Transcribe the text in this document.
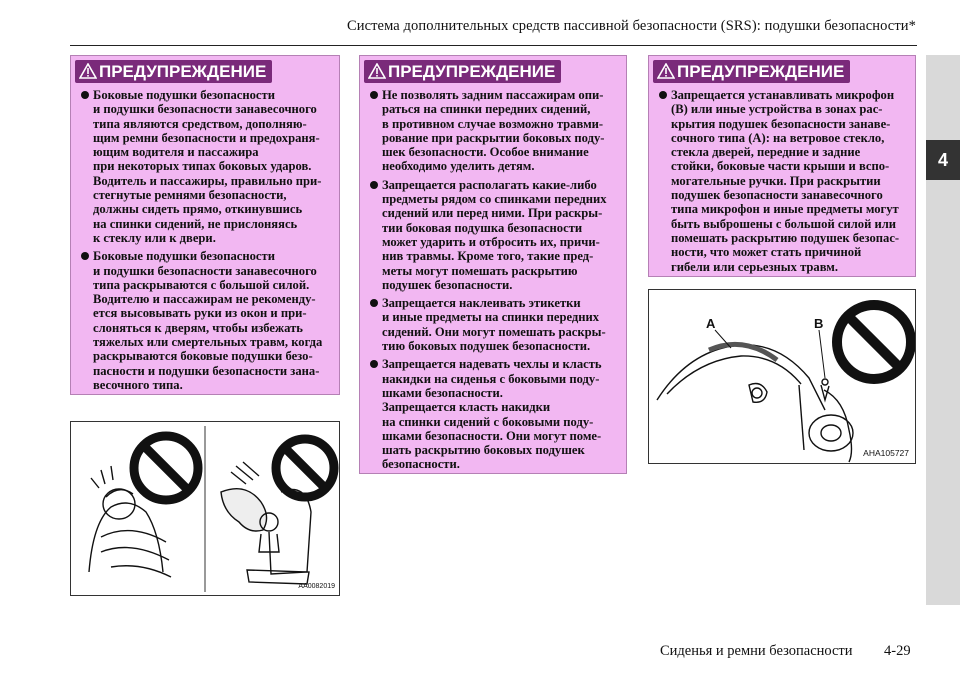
Система дополнительных средств пассивной безопасности (SRS): подушки безопасности*
4
ПРЕДУПРЕЖДЕНИЕ

Боковые подушки безопасности
и подушки безопасности занавесочного
типа являются средством, дополняю-
щим ремни безопасности и предохраня-
ющим водителя и пассажира
при некоторых типах боковых ударов.
Водитель и пассажиры, правильно при-
стегнутые ремнями безопасности,
должны сидеть прямо, откинувшись
на спинки сидений, не прислоняясь
к стеклу или к двери.

Боковые подушки безопасности
и подушки безопасности занавесочного
типа раскрываются с большой силой.
Водителю и пассажирам не рекоменду-
ется высовывать руки из окон и при-
слоняться к дверям, чтобы избежать
тяжелых или смертельных травм, когда
раскрываются боковые подушки безо-
пасности и подушки безопасности зана-
весочного типа.

ПРЕДУПРЕЖДЕНИЕ

Не позволять задним пассажирам опи-
раться на спинки передних сидений,
в противном случае возможно травми-
рование при раскрытии боковых поду-
шек безопасности. Особое внимание
необходимо уделить детям.

Запрещается располагать какие-либо
предметы рядом со спинками передних
сидений или перед ними. При раскры-
тии боковая подушка безопасности
может ударить и отбросить их, причи-
нив травмы. Кроме того, такие пред-
меты могут помешать раскрытию
подушек безопасности.

Запрещается наклеивать этикетки
и иные предметы на спинки передних
сидений. Они могут помешать раскры-
тию боковых подушек безопасности.

Запрещается надевать чехлы и класть
накидки на сиденья с боковыми поду-
шками безопасности.
Запрещается класть накидки
на спинки сидений с боковыми поду-
шками безопасности. Они могут поме-
шать раскрытию боковых подушек
безопасности.

ПРЕДУПРЕЖДЕНИЕ

Запрещается устанавливать микрофон
(B) или иные устройства в зонах рас-
крытия подушек безопасности занаве-
сочного типа (A): на ветровое стекло,
стекла дверей, передние и задние
стойки, боковые части крыши и вспо-
могательные ручки. При раскрытии
подушек безопасности занавесочного
типа микрофон и иные предметы могут
быть выброшены с большой силой или
помешать раскрытию подушек безопас-
ности, что может стать причиной
гибели или серьезных травм.

AA0082019
A	B
AHA105727
Сиденья и ремни безопасности 4-29
